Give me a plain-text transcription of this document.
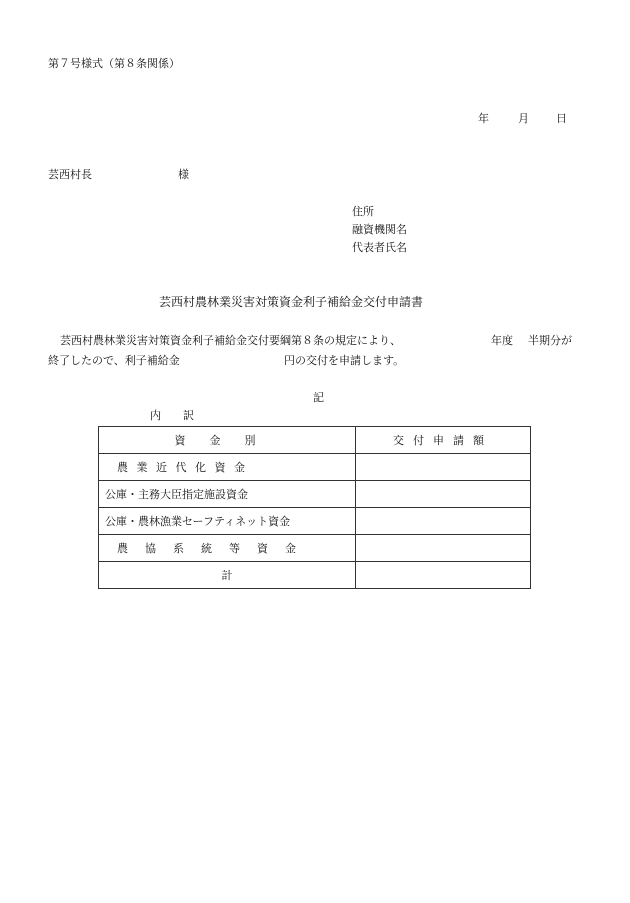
第７号様式（第８条関係）
年	月 日
芸西村長	様
住所
融資機関名
代表者氏名
芸西村農林業災害対策資金利子補給金交付申請書
芸西村農林業災害対策資金利子補給金交付要綱第８条の規定により、	年度 半期分が
終了したので、利子補給金	円の交付を申請します。
記
内　　訳
資金別	交付申請額
農業近代化資金	
公庫・主務大臣指定施設資金	
公庫・農林漁業セーフティネット資金	
農協系統等資金	
計	
